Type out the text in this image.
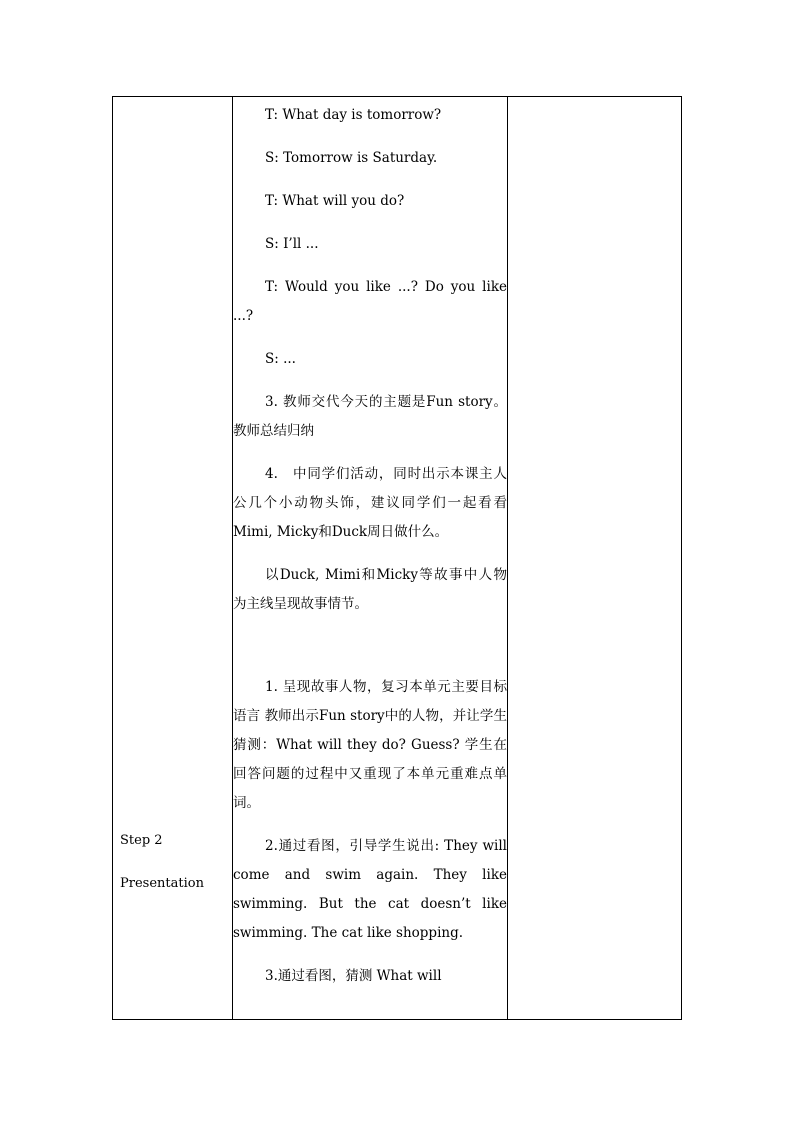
Step 2
Presentation

T: What day is tomorrow?

S: Tomorrow is Saturday.

T: What will you do?

S: I’ll ...

T: Would you like ...? Do you like ...?

S: ...

3. 教师交代今天的主题是Fun story。教师总结归纳

4.　中同学们活动，同时出示本课主人公几个小动物头饰，建议同学们一起看看Mimi, Micky和Duck周日做什么。

以Duck, Mimi和Micky等故事中人物为主线呈现故事情节。

1. 呈现故事人物，复习本单元主要目标语言 教师出示Fun story中的人物，并让学生猜测：What will they do? Guess? 学生在回答问题的过程中又重现了本单元重难点单词。

2.通过看图，引导学生说出: They will come and swim again. They like swimming. But the cat doesn’t like swimming. The cat like shopping.

3.通过看图，猜测 What will
